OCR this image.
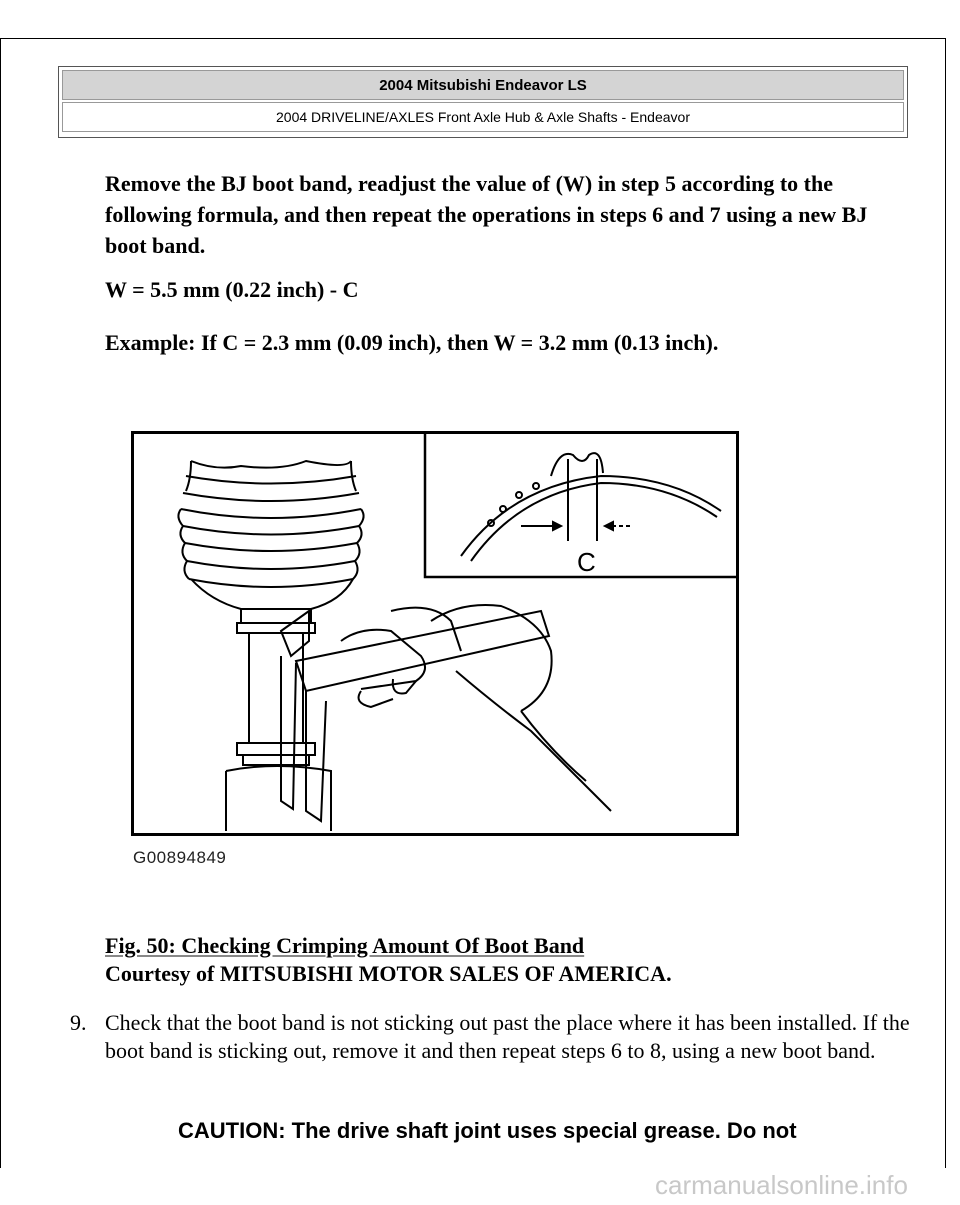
2004 Mitsubishi Endeavor LS
2004 DRIVELINE/AXLES Front Axle Hub & Axle Shafts - Endeavor
Remove the BJ boot band, readjust the value of (W) in step 5 according to the following formula, and then repeat the operations in steps 6 and 7 using a new BJ boot band.
W = 5.5 mm (0.22 inch) - C
Example: If C = 2.3 mm (0.09 inch), then W = 3.2 mm (0.13 inch).
C
G00894849
Fig. 50: Checking Crimping Amount Of Boot Band
Courtesy of MITSUBISHI MOTOR SALES OF AMERICA.
9. Check that the boot band is not sticking out past the place where it has been installed. If the boot band is sticking out, remove it and then repeat steps 6 to 8, using a new boot band.
CAUTION: The drive shaft joint uses special grease. Do not
carmanualsonline.info
